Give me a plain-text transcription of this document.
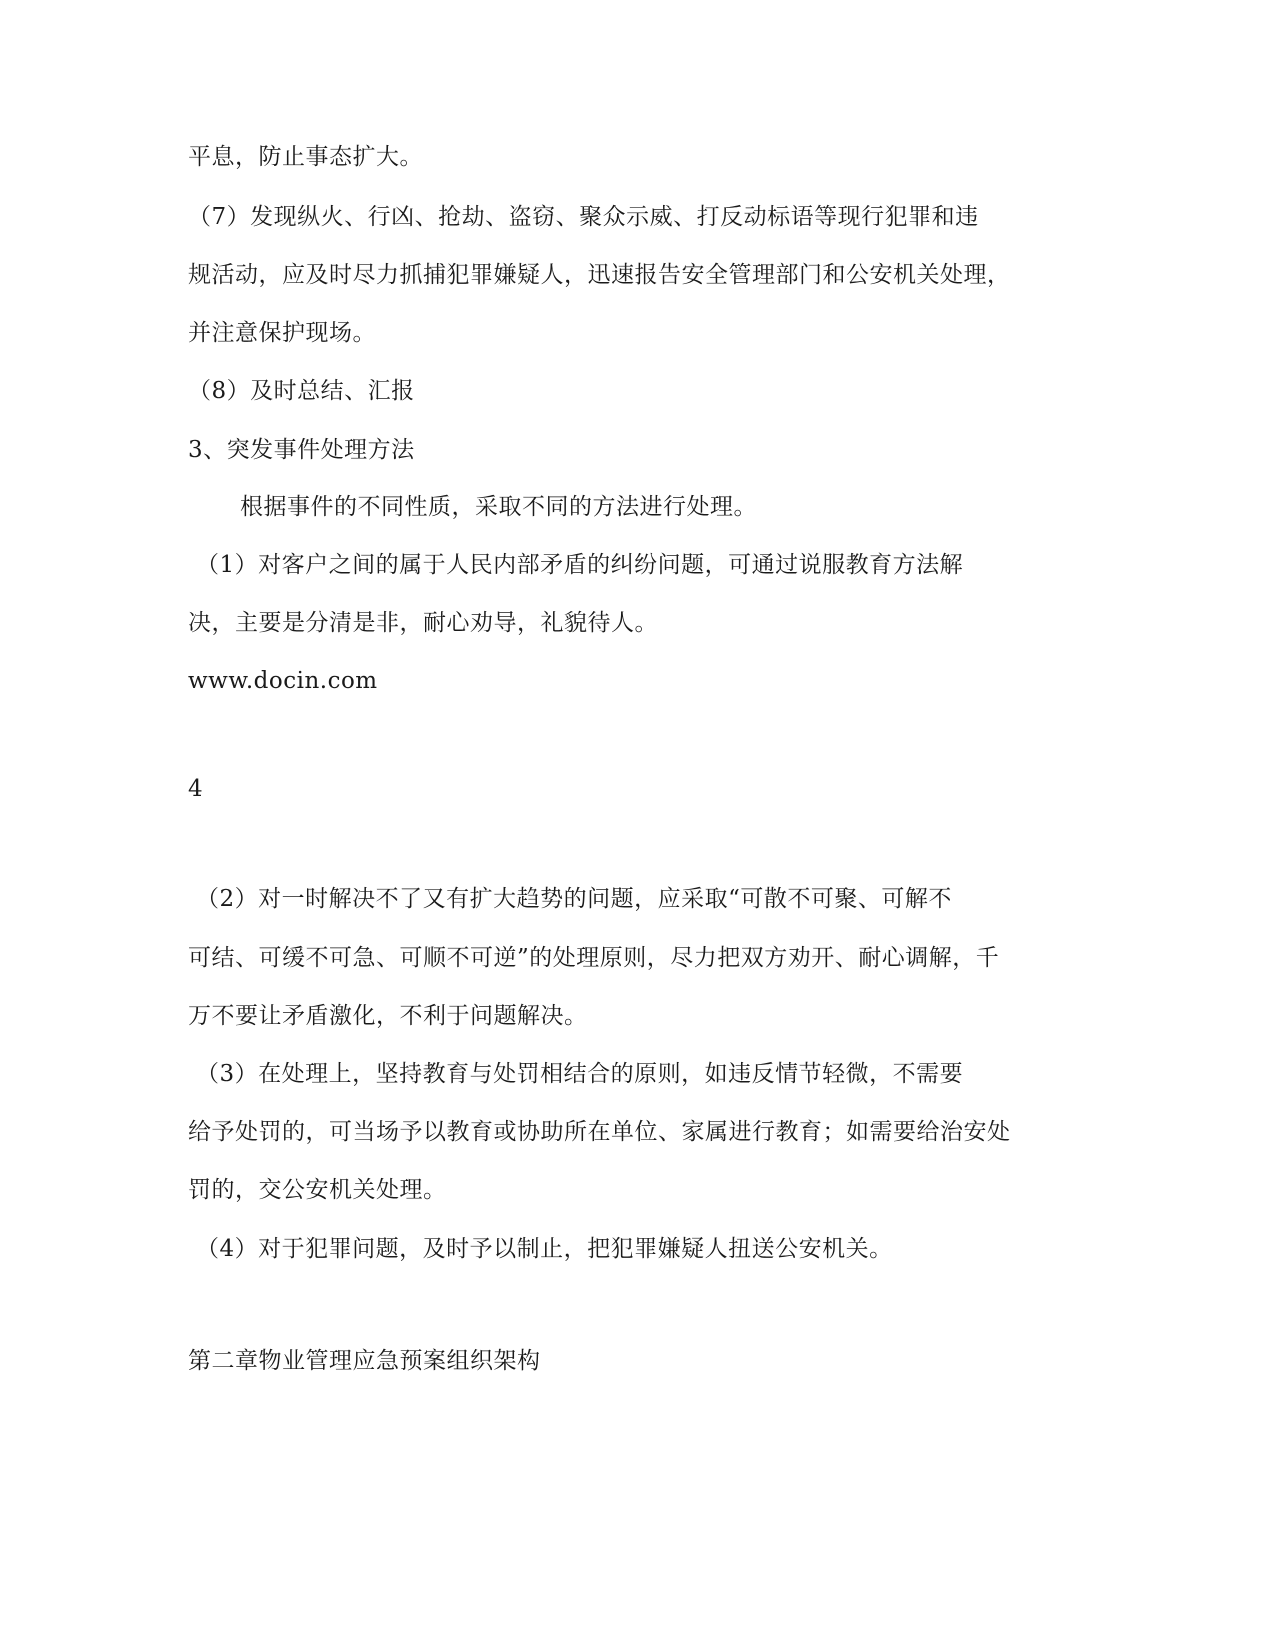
平息，防止事态扩大。
（7）发现纵火、行凶、抢劫、盗窃、聚众示威、打反动标语等现行犯罪和违
规活动，应及时尽力抓捕犯罪嫌疑人，迅速报告安全管理部门和公安机关处理，
并注意保护现场。
（8）及时总结、汇报
3、突发事件处理方法
根据事件的不同性质，采取不同的方法进行处理。
（1）对客户之间的属于人民内部矛盾的纠纷问题，可通过说服教育方法解
决，主要是分清是非，耐心劝导，礼貌待人。
www.docin.com
4
（2）对一时解决不了又有扩大趋势的问题，应采取“可散不可聚、可解不
可结、可缓不可急、可顺不可逆”的处理原则，尽力把双方劝开、耐心调解，千
万不要让矛盾激化，不利于问题解决。
（3）在处理上，坚持教育与处罚相结合的原则，如违反情节轻微，不需要
给予处罚的，可当场予以教育或协助所在单位、家属进行教育；如需要给治安处
罚的，交公安机关处理。
（4）对于犯罪问题，及时予以制止，把犯罪嫌疑人扭送公安机关。
第二章物业管理应急预案组织架构
